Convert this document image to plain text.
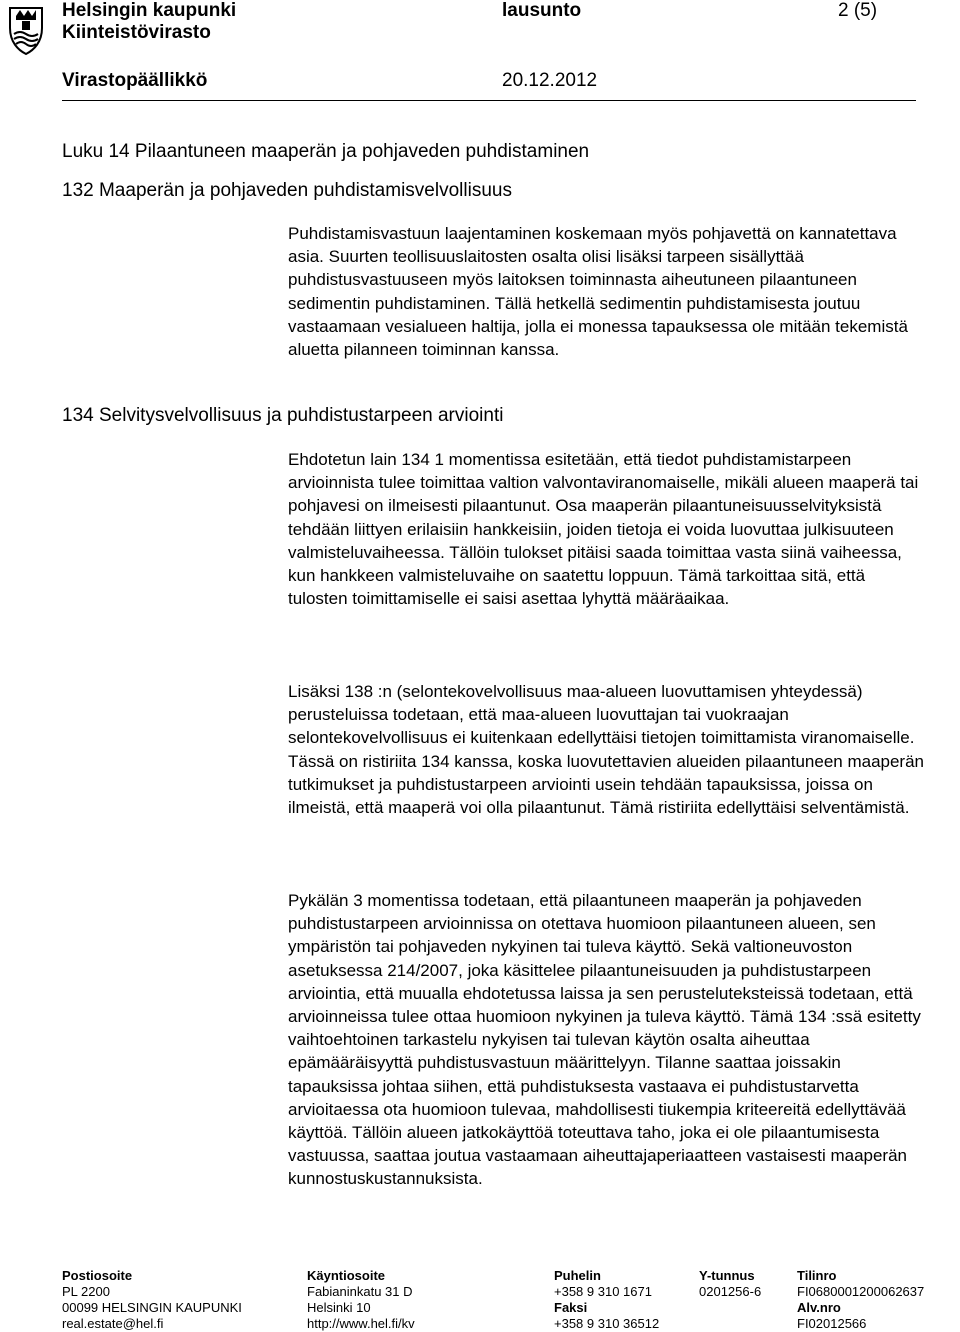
Helsingin kaupunki
Kiinteistövirasto
lausunto	2 (5)
Virastopäällikkö	20.12.2012
Luku 14 Pilaantuneen maaperän ja pohjaveden puhdistaminen
132 Maaperän ja pohjaveden puhdistamisvelvollisuus

Puhdistamisvastuun laajentaminen koskemaan myös pohjavettä on kannatettava asia. Suurten teollisuuslaitosten osalta olisi lisäksi tarpeen sisällyttää puhdistusvastuuseen myös laitoksen toiminnasta aiheutuneen pilaantuneen sedimentin puhdistaminen. Tällä hetkellä sedimentin puhdistamisesta joutuu vastaamaan vesialueen haltija, jolla ei monessa tapauksessa ole mitään tekemistä aluetta pilanneen toiminnan kanssa.

134 Selvitysvelvollisuus ja puhdistustarpeen arviointi

Ehdotetun lain 134 1 momentissa esitetään, että tiedot puhdistamistarpeen arvioinnista tulee toimittaa valtion valvontaviranomaiselle, mikäli alueen maaperä tai pohjavesi on ilmeisesti pilaantunut. Osa maaperän pilaantuneisuusselvityksistä tehdään liittyen erilaisiin hankkeisiin, joiden tietoja ei voida luovuttaa julkisuuteen valmisteluvaiheessa. Tällöin tulokset pitäisi saada toimittaa vasta siinä vaiheessa, kun hankkeen valmisteluvaihe on saatettu loppuun. Tämä tarkoittaa sitä, että tulosten toimittamiselle ei saisi asettaa lyhyttä määräaikaa.

Lisäksi 138 :n (selontekovelvollisuus maa-alueen luovuttamisen yhteydessä) perusteluissa todetaan, että maa-alueen luovuttajan tai vuokraajan selontekovelvollisuus ei kuitenkaan edellyttäisi tietojen toimittamista viranomaiselle. Tässä on ristiriita 134 kanssa, koska luovutettavien alueiden pilaantuneen maaperän tutkimukset ja puhdistustarpeen arviointi usein tehdään tapauksissa, joissa on ilmeistä, että maaperä voi olla pilaantunut. Tämä ristiriita edellyttäisi selventämistä.

Pykälän 3 momentissa todetaan, että pilaantuneen maaperän ja pohjaveden puhdistustarpeen arvioinnissa on otettava huomioon pilaantuneen alueen, sen ympäristön tai pohjaveden nykyinen tai tuleva käyttö. Sekä valtioneuvoston asetuksessa 214/2007, joka käsittelee pilaantuneisuuden ja puhdistustarpeen arviointia, että muualla ehdotetussa laissa ja sen perusteluteksteissä todetaan, että arvioinneissa tulee ottaa huomioon nykyinen ja tuleva käyttö. Tämä 134 :ssä esitetty vaihtoehtoinen tarkastelu nykyisen tai tulevan käytön osalta aiheuttaa epämääräisyyttä puhdistusvastuun määrittelyyn. Tilanne saattaa joissakin tapauksissa johtaa siihen, että puhdistuksesta vastaava ei puhdistustarvetta arvioitaessa ota huomioon tulevaa, mahdollisesti tiukempia kriteereitä edellyttävää käyttöä. Tällöin alueen jatkokäyttöä toteuttava taho, joka ei ole pilaantumisesta vastuussa, saattaa joutua vastaamaan aiheuttajaperiaatteen vastaisesti maaperän kunnostuskustannuksista.

Postiosoite
PL 2200
00099 HELSINGIN KAUPUNKI
real.estate@hel.fi
Käyntiosoite
Fabianinkatu 31 D
Helsinki 10
http://www.hel.fi/kv
Puhelin
+358 9 310 1671
Faksi
+358 9 310 36512
Y-tunnus
0201256-6
Tilinro
FI0680001200062637
Alv.nro
FI02012566
